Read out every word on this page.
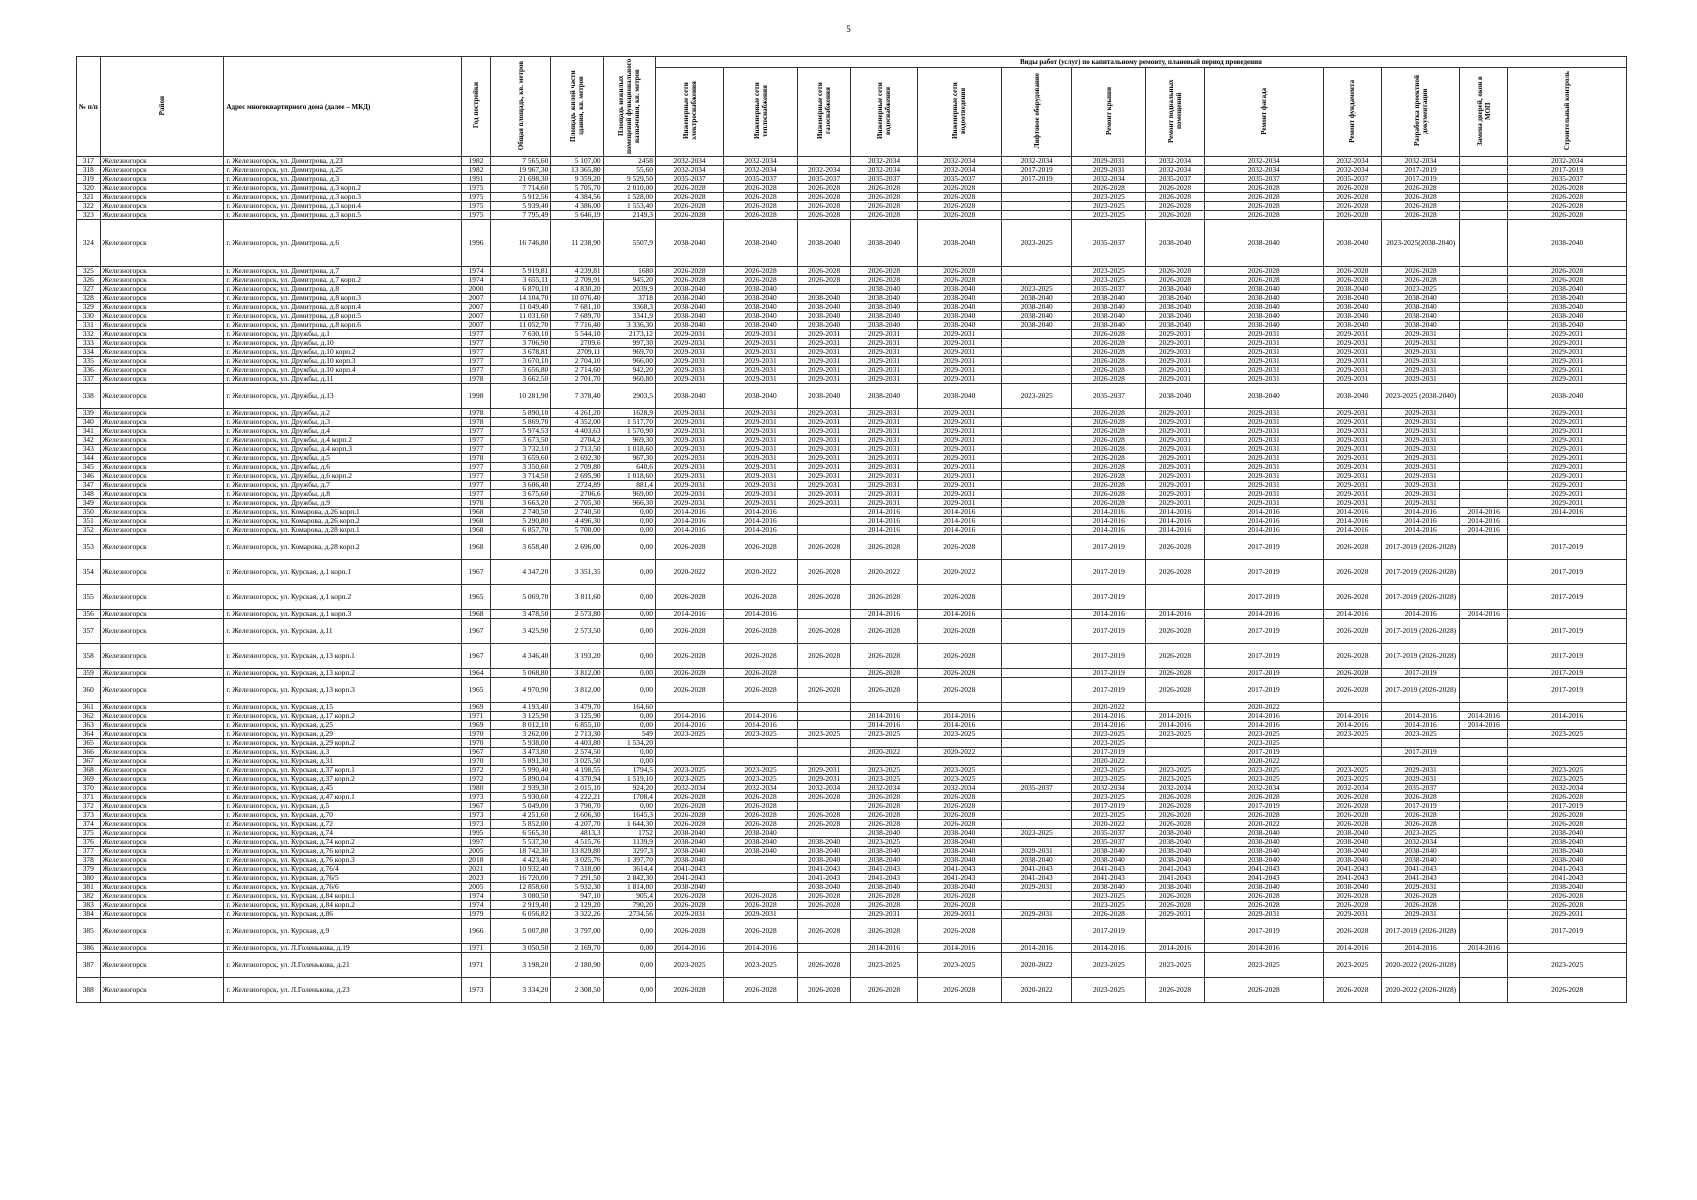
5
№ п/п	Район	Адрес многоквартирного дома (далее – МКД)	Год постройки	Общая площадь, кв. метров	Площадь жилой части здания, кв. метров	Площадь нежилых помещений функционального назначения, кв. метров	Виды работ (услуг) по капитальному ремонту, плановый период проведения												
							Инженерные сети электроснабжения	Инженерные сети теплоснабжения	Инженерные сети газоснабжения	Инженерные сети водоснабжения	Инженерные сети водоотведения	Лифтовое оборудование	Ремонт крыши	Ремонт подвальных помещений	Ремонт фасада	Ремонт фундамента	Разработка проектной документации	Замена дверей, окон в МОП	Строительный контроль
317	Железногорск	г. Железногорск, ул. Димитрова, д.23	1982	7 565,60	5 107,00	2458	2032-2034	2032-2034		2032-2034	2032-2034	2032-2034	2029-2031	2032-2034	2032-2034	2032-2034	2032-2034		2032-2034
318	Железногорск	г. Железногорск, ул. Димитрова, д.25	1982	19 967,30	13 365,80	55,60	2032-2034	2032-2034	2032-2034	2032-2034	2032-2034	2017-2019	2029-2031	2032-2034	2032-2034	2032-2034	2017-2019		2017-2019
319	Железногорск	г. Железногорск, ул. Димитрова, д.3	1991	21 698,30	9 359,20	9 529,50	2035-2037	2035-2037	2035-2037	2035-2037	2035-2037	2017-2019	2032-2034	2035-2037	2035-2037	2035-2037	2017-2019		2035-2037
320	Железногорск	г. Железногорск, ул. Димитрова, д.3 корп.2	1975	7 714,60	5 705,70	2 010,00	2026-2028	2026-2028	2026-2028	2026-2028	2026-2028		2026-2028	2026-2028	2026-2028	2026-2028	2026-2028		2026-2028
321	Железногорск	г. Железногорск, ул. Димитрова, д.3 корп.3	1975	5 912,56	4 384,56	1 528,00	2026-2028	2026-2028	2026-2028	2026-2028	2026-2028		2023-2025	2026-2028	2026-2028	2026-2028	2026-2028		2026-2028
322	Железногорск	г. Железногорск, ул. Димитрова, д.3 корп.4	1975	5 939,40	4 386,00	1 553,40	2026-2028	2026-2028	2026-2028	2026-2028	2026-2028		2023-2025	2026-2028	2026-2028	2026-2028	2026-2028		2026-2028
323	Железногорск	г. Железногорск, ул. Димитрова, д.3 корп.5	1975	7 795,49	5 646,19	2149,3	2026-2028	2026-2028	2026-2028	2026-2028	2026-2028		2023-2025	2026-2028	2026-2028	2026-2028	2026-2028		2026-2028
324	Железногорск	г. Железногорск, ул. Димитрова, д.6	1996	16 746,80	11 238,90	5507,9	2038-2040	2038-2040	2038-2040	2038-2040	2038-2040	2023-2025	2035-2037	2038-2040	2038-2040	2038-2040	2023-2025(2038-2040)		2038-2040
325	Железногорск	г. Железногорск, ул. Димитрова, д.7	1974	5 919,81	4 239,81	1680	2026-2028	2026-2028	2026-2028	2026-2028	2026-2028		2023-2025	2026-2028	2026-2028	2026-2028	2026-2028		2026-2028
326	Железногорск	г. Железногорск, ул. Димитрова, д.7 корп.2	1974	3 655,11	2 709,91	945,20	2026-2028	2026-2028	2026-2028	2026-2028	2026-2028		2023-2025	2026-2028	2026-2028	2026-2028	2026-2028		2026-2028
327	Железногорск	г. Железногорск, ул. Димитрова, д.8	2000	6 870,10	4 830,20	2039,9	2038-2040	2038-2040		2038-2040	2038-2040	2023-2025	2035-2037	2038-2040	2038-2040	2038-2040	2023-2025		2038-2040
328	Железногорск	г. Железногорск, ул. Димитрова, д.8 корп.3	2007	14 104,70	10 076,40	3718	2038-2040	2038-2040	2038-2040	2038-2040	2038-2040	2038-2040	2038-2040	2038-2040	2038-2040	2038-2040	2038-2040		2038-2040
329	Железногорск	г. Железногорск, ул. Димитрова, д.8 корп.4	2007	11 049,40	7 681,10	3368,3	2038-2040	2038-2040	2038-2040	2038-2040	2038-2040	2038-2040	2038-2040	2038-2040	2038-2040	2038-2040	2038-2040		2038-2040
330	Железногорск	г. Железногорск, ул. Димитрова, д.8 корп.5	2007	11 031,60	7 689,70	3341,9	2038-2040	2038-2040	2038-2040	2038-2040	2038-2040	2038-2040	2038-2040	2038-2040	2038-2040	2038-2040	2038-2040		2038-2040
331	Железногорск	г. Железногорск, ул. Димитрова, д.8 корп.6	2007	11 052,70	7 716,40	3 336,30	2038-2040	2038-2040	2038-2040	2038-2040	2038-2040	2038-2040	2038-2040	2038-2040	2038-2040	2038-2040	2038-2040		2038-2040
332	Железногорск	г. Железногорск, ул. Дружбы, д.1	1977	7 630,10	5 544,10	2173,12	2029-2031	2029-2031	2029-2031	2029-2031	2029-2031		2026-2028	2029-2031	2029-2031	2029-2031	2029-2031		2029-2031
333	Железногорск	г. Железногорск, ул. Дружбы, д.10	1977	3 706,90	2709,6	997,30	2029-2031	2029-2031	2029-2031	2029-2031	2029-2031		2026-2028	2029-2031	2029-2031	2029-2031	2029-2031		2029-2031
334	Железногорск	г. Железногорск, ул. Дружбы, д.10 корп.2	1977	3 678,81	2709,11	969,70	2029-2031	2029-2031	2029-2031	2029-2031	2029-2031		2026-2028	2029-2031	2029-2031	2029-2031	2029-2031		2029-2031
335	Железногорск	г. Железногорск, ул. Дружбы, д.10 корп.3	1977	3 670,10	2 704,10	966,00	2029-2031	2029-2031	2029-2031	2029-2031	2029-2031		2026-2028	2029-2031	2029-2031	2029-2031	2029-2031		2029-2031
336	Железногорск	г. Железногорск, ул. Дружбы, д.10 корп.4	1977	3 656,80	2 714,60	942,20	2029-2031	2029-2031	2029-2031	2029-2031	2029-2031		2026-2028	2029-2031	2029-2031	2029-2031	2029-2031		2029-2031
337	Железногорск	г. Железногорск, ул. Дружбы, д.11	1978	3 662,50	2 701,70	960,80	2029-2031	2029-2031	2029-2031	2029-2031	2029-2031		2026-2028	2029-2031	2029-2031	2029-2031	2029-2031		2029-2031
338	Железногорск	г. Железногорск, ул. Дружбы, д.13	1998	10 281,90	7 378,40	2903,5	2038-2040	2038-2040	2038-2040	2038-2040	2038-2040	2023-2025	2035-2037	2038-2040	2038-2040	2038-2040	2023-2025 (2038-2040)		2038-2040
339	Железногорск	г. Железногорск, ул. Дружбы, д.2	1978	5 890,10	4 261,20	1628,9	2029-2031	2029-2031	2029-2031	2029-2031	2029-2031		2026-2028	2029-2031	2029-2031	2029-2031	2029-2031		2029-2031
340	Железногорск	г. Железногорск, ул. Дружбы, д.3	1978	5 869,70	4 352,00	1 517,70	2029-2031	2029-2031	2029-2031	2029-2031	2029-2031		2026-2028	2029-2031	2029-2031	2029-2031	2029-2031		2029-2031
341	Железногорск	г. Железногорск, ул. Дружбы, д.4	1977	5 974,53	4 403,63	1 570,90	2029-2031	2029-2031	2029-2031	2029-2031	2029-2031		2026-2028	2029-2031	2029-2031	2029-2031	2029-2031		2029-2031
342	Железногорск	г. Железногорск, ул. Дружбы, д.4 корп.2	1977	3 673,50	2704,2	969,30	2029-2031	2029-2031	2029-2031	2029-2031	2029-2031		2026-2028	2029-2031	2029-2031	2029-2031	2029-2031		2029-2031
343	Железногорск	г. Железногорск, ул. Дружбы, д.4 корп.3	1977	3 732,10	2 713,50	1 018,60	2029-2031	2029-2031	2029-2031	2029-2031	2029-2031		2026-2028	2029-2031	2029-2031	2029-2031	2029-2031		2029-2031
344	Железногорск	г. Железногорск, ул. Дружбы, д.5	1978	3 659,60	2 692,30	967,30	2029-2031	2029-2031	2029-2031	2029-2031	2029-2031		2026-2028	2029-2031	2029-2031	2029-2031	2029-2031		2029-2031
345	Железногорск	г. Железногорск, ул. Дружбы, д.6	1977	3 350,60	2 709,80	640,6	2029-2031	2029-2031	2029-2031	2029-2031	2029-2031		2026-2028	2029-2031	2029-2031	2029-2031	2029-2031		2029-2031
346	Железногорск	г. Железногорск, ул. Дружбы, д.6 корп.2	1977	3 714,50	2 695,90	1 018,60	2029-2031	2029-2031	2029-2031	2029-2031	2029-2031		2026-2028	2029-2031	2029-2031	2029-2031	2029-2031		2029-2031
347	Железногорск	г. Железногорск, ул. Дружбы, д.7	1977	3 606,40	2724,89	881,4	2029-2031	2029-2031	2029-2031	2029-2031	2029-2031		2026-2028	2029-2031	2029-2031	2029-2031	2029-2031		2029-2031
348	Железногорск	г. Железногорск, ул. Дружбы, д.8	1977	3 675,60	2706,6	969,00	2029-2031	2029-2031	2029-2031	2029-2031	2029-2031		2026-2028	2029-2031	2029-2031	2029-2031	2029-2031		2029-2031
349	Железногорск	г. Железногорск, ул. Дружбы, д.9	1978	3 663,20	2 705,30	966,30	2029-2031	2029-2031	2029-2031	2029-2031	2029-2031		2026-2028	2029-2031	2029-2031	2029-2031	2029-2031		2029-2031
350	Железногорск	г. Железногорск, ул. Комарова, д.26 корп.1	1968	2 740,50	2 740,50	0,00	2014-2016	2014-2016		2014-2016	2014-2016		2014-2016	2014-2016	2014-2016	2014-2016	2014-2016	2014-2016	2014-2016
351	Железногорск	г. Железногорск, ул. Комарова, д.26 корп.2	1968	5 290,80	4 496,30	0,00	2014-2016	2014-2016		2014-2016	2014-2016		2014-2016	2014-2016	2014-2016	2014-2016	2014-2016	2014-2016	
352	Железногорск	г. Железногорск, ул. Комарова, д.28 корп.1	1968	6 857,70	5 700,00	0,00	2014-2016	2014-2016		2014-2016	2014-2016		2014-2016	2014-2016	2014-2016	2014-2016	2014-2016	2014-2016	
353	Железногорск	г. Железногорск, ул. Комарова, д.28 корп.2	1968	3 658,40	2 696,00	0,00	2026-2028	2026-2028	2026-2028	2026-2028	2026-2028		2017-2019	2026-2028	2017-2019	2026-2028	2017-2019 (2026-2028)		2017-2019
354	Железногорск	г. Железногорск, ул. Курская, д.1 корп.1	1967	4 347,20	3 351,35	0,00	2020-2022	2020-2022	2026-2028	2020-2022	2020-2022		2017-2019	2026-2028	2017-2019	2026-2028	2017-2019 (2026-2028)		2017-2019
355	Железногорск	г. Железногорск, ул. Курская, д.1 корп.2	1965	5 069,70	3 811,60	0,00	2026-2028	2026-2028	2026-2028	2026-2028	2026-2028		2017-2019		2017-2019	2026-2028	2017-2019 (2026-2028)		2017-2019
356	Железногорск	г. Железногорск, ул. Курская, д.1 корп.3	1968	3 478,50	2 573,80	0,00	2014-2016	2014-2016		2014-2016	2014-2016		2014-2016	2014-2016	2014-2016	2014-2016	2014-2016	2014-2016	
357	Железногорск	г. Железногорск, ул. Курская, д.11	1967	3 425,90	2 573,50	0,00	2026-2028	2026-2028	2026-2028	2026-2028	2026-2028		2017-2019	2026-2028	2017-2019	2026-2028	2017-2019 (2026-2028)		2017-2019
358	Железногорск	г. Железногорск, ул. Курская, д.13 корп.1	1967	4 346,40	3 193,20	0,00	2026-2028	2026-2028	2026-2028	2026-2028	2026-2028		2017-2019	2026-2028	2017-2019	2026-2028	2017-2019 (2026-2028)		2017-2019
359	Железногорск	г. Железногорск, ул. Курская, д.13 корп.2	1964	5 068,80	3 812,00	0,00	2026-2028	2026-2028		2026-2028	2026-2028		2017-2019	2026-2028	2017-2019	2026-2028	2017-2019		2017-2019
360	Железногорск	г. Железногорск, ул. Курская, д.13 корп.3	1965	4 970,90	3 812,00	0,00	2026-2028	2026-2028	2026-2028	2026-2028	2026-2028		2017-2019	2026-2028	2017-2019	2026-2028	2017-2019 (2026-2028)		2017-2019
361	Железногорск	г. Железногорск, ул. Курская, д.15	1969	4 193,40	3 479,70	164,60							2020-2022		2020-2022				
362	Железногорск	г. Железногорск, ул. Курская, д.17 корп.2	1971	3 125,90	3 125,90	0,00	2014-2016	2014-2016		2014-2016	2014-2016		2014-2016	2014-2016	2014-2016	2014-2016	2014-2016	2014-2016	2014-2016
363	Железногорск	г. Железногорск, ул. Курская, д.25	1969	8 012,10	6 855,10	0,00	2014-2016	2014-2016		2014-2016	2014-2016		2014-2016	2014-2016	2014-2016	2014-2016	2014-2016	2014-2016	
364	Железногорск	г. Железногорск, ул. Курская, д.29	1970	3 262,00	2 713,30	549	2023-2025	2023-2025	2023-2025	2023-2025	2023-2025		2023-2025	2023-2025	2023-2025	2023-2025	2023-2025		2023-2025
365	Железногорск	г. Железногорск, ул. Курская, д.29 корп.2	1970	5 938,00	4 403,80	1 534,20							2023-2025		2023-2025				
366	Железногорск	г. Железногорск, ул. Курская, д.3	1967	3 473,80	2 574,50	0,00				2020-2022	2020-2022		2017-2019		2017-2019		2017-2019		
367	Железногорск	г. Железногорск, ул. Курская, д.31	1970	5 891,30	3 025,50	0,00							2020-2022		2020-2022				
368	Железногорск	г. Железногорск, ул. Курская, д.37 корп.1	1972	5 990,40	4 198,55	1794,5	2023-2025	2023-2025	2029-2031	2023-2025	2023-2025		2023-2025	2023-2025	2023-2025	2023-2025	2029-2031		2023-2025
369	Железногорск	г. Железногорск, ул. Курская, д.37 корп.2	1972	5 890,04	4 370,94	1 519,10	2023-2025	2023-2025	2029-2031	2023-2025	2023-2025		2023-2025	2023-2025	2023-2025	2023-2025	2029-2031		2023-2025
370	Железногорск	г. Железногорск, ул. Курская, д.45	1980	2 939,30	2 015,10	924,20	2032-2034	2032-2034	2032-2034	2032-2034	2032-2034	2035-2037	2032-2034	2032-2034	2032-2034	2032-2034	2035-2037		2032-2034
371	Железногорск	г. Железногорск, ул. Курская, д.47 корп.1	1973	5 930,60	4 222,21	1708,4	2026-2028	2026-2028	2026-2028	2026-2028	2026-2028		2023-2025	2026-2028	2026-2028	2026-2028	2026-2028		2026-2028
372	Железногорск	г. Железногорск, ул. Курская, д.5	1967	5 049,00	3 790,70	0,00	2026-2028	2026-2028		2026-2028	2026-2028		2017-2019	2026-2028	2017-2019	2026-2028	2017-2019		2017-2019
373	Железногорск	г. Железногорск, ул. Курская, д.70	1973	4 251,60	2 606,30	1645,3	2026-2028	2026-2028	2026-2028	2026-2028	2026-2028		2023-2025	2026-2028	2026-2028	2026-2028	2026-2028		2026-2028
374	Железногорск	г. Железногорск, ул. Курская, д.72	1973	5 852,00	4 207,70	1 644,30	2026-2028	2026-2028	2026-2028	2026-2028	2026-2028		2020-2022	2026-2028	2020-2022	2026-2028	2026-2028		2026-2028
375	Железногорск	г. Железногорск, ул. Курская, д.74	1995	6 565,30	4813,3	1752	2038-2040	2038-2040		2038-2040	2038-2040	2023-2025	2035-2037	2038-2040	2038-2040	2038-2040	2023-2025		2038-2040
376	Железногорск	г. Железногорск, ул. Курская, д.74 корп.2	1997	5 537,30	4 515,76	1139,9	2038-2040	2038-2040	2038-2040	2023-2025	2038-2040		2035-2037	2038-2040	2038-2040	2038-2040	2032-2034		2038-2040
377	Железногорск	г. Железногорск, ул. Курская, д.76 корп.2	2005	18 742,30	13 829,80	3297,3	2038-2040	2038-2040	2038-2040	2038-2040	2038-2040	2029-2031	2038-2040	2038-2040	2038-2040	2038-2040	2038-2040		2038-2040
378	Железногорск	г. Железногорск, ул. Курская, д.76 корп.3	2018	4 423,46	3 025,76	1 397,70	2038-2040		2038-2040	2038-2040	2038-2040	2038-2040	2038-2040	2038-2040	2038-2040	2038-2040	2038-2040		2038-2040
379	Железногорск	г. Железногорск, ул. Курская, д.76/4	2021	10 932,40	7 318,00	3614,4	2041-2043		2041-2043	2041-2043	2041-2043	2041-2043	2041-2043	2041-2043	2041-2043	2041-2043	2041-2043		2041-2043
380	Железногорск	г. Железногорск, ул. Курская, д.76/5	2023	16 720,00	7 291,50	2 842,30	2041-2043		2041-2043	2041-2043	2041-2043	2041-2043	2041-2043	2041-2043	2041-2043	2041-2043	2041-2043		2041-2043
381	Железногорск	г. Железногорск, ул. Курская, д.76/6	2005	12 858,60	5 932,30	1 814,00	2038-2040		2038-2040	2038-2040	2038-2040	2029-2031	2038-2040	2038-2040	2038-2040	2038-2040	2029-2031		2038-2040
382	Железногорск	г. Железногорск, ул. Курская, д.84 корп.1	1974	3 080,50	947,10	905,4	2026-2028	2026-2028	2026-2028	2026-2028	2026-2028		2023-2025	2026-2028	2026-2028	2026-2028	2026-2028		2026-2028
383	Железногорск	г. Железногорск, ул. Курская, д.84 корп.2	1974	2 919,40	2 129,20	790,20	2026-2028	2026-2028	2026-2028	2026-2028	2026-2028		2023-2025	2026-2028	2026-2028	2026-2028	2026-2028		2026-2028
384	Железногорск	г. Железногорск, ул. Курская, д.86	1979	6 056,82	3 322,26	2734,56	2029-2031	2029-2031		2029-2031	2029-2031	2029-2031	2026-2028	2029-2031	2029-2031	2029-2031	2029-2031		2029-2031
385	Железногорск	г. Железногорск, ул. Курская, д.9	1966	5 007,80	3 797,00	0,00	2026-2028	2026-2028	2026-2028	2026-2028	2026-2028		2017-2019		2017-2019	2026-2028	2017-2019 (2026-2028)		2017-2019
386	Железногорск	г. Железногорск, ул. Л.Голенькова, д.19	1971	3 050,50	2 169,70	0,00	2014-2016	2014-2016		2014-2016	2014-2016	2014-2016	2014-2016	2014-2016	2014-2016	2014-2016	2014-2016	2014-2016	
387	Железногорск	г. Железногорск, ул. Л.Голенькова, д.21	1971	3 198,20	2 180,90	0,00	2023-2025	2023-2025	2026-2028	2023-2025	2023-2025	2020-2022	2023-2025	2023-2025	2023-2025	2023-2025	2020-2022 (2026-2028)		2023-2025
388	Железногорск	г. Железногорск, ул. Л.Голенькова, д.23	1973	3 334,20	2 308,50	0,00	2026-2028	2026-2028	2026-2028	2026-2028	2026-2028	2020-2022	2023-2025	2026-2028	2026-2028	2026-2028	2020-2022 (2026-2028)		2026-2028
